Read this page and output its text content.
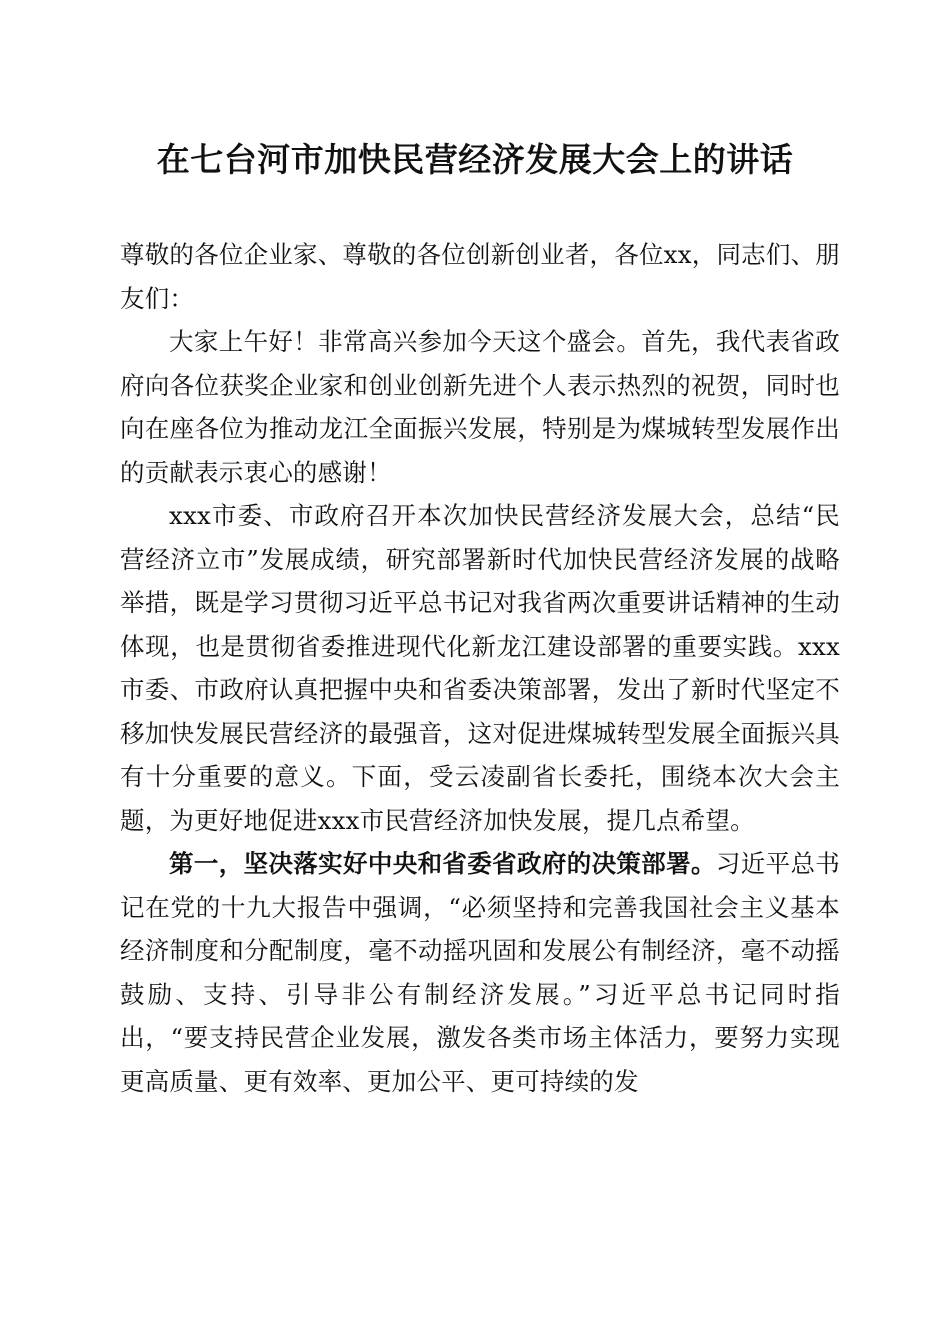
在七台河市加快民营经济发展大会上的讲话

尊敬的各位企业家、尊敬的各位创新创业者，各位xx，同志们、朋友们：

大家上午好！非常高兴参加今天这个盛会。首先，我代表省政府向各位获奖企业家和创业创新先进个人表示热烈的祝贺，同时也向在座各位为推动龙江全面振兴发展，特别是为煤城转型发展作出的贡献表示衷心的感谢！

xxx市委、市政府召开本次加快民营经济发展大会，总结“民营经济立市”发展成绩，研究部署新时代加快民营经济发展的战略举措，既是学习贯彻习近平总书记对我省两次重要讲话精神的生动体现，也是贯彻省委推进现代化新龙江建设部署的重要实践。xxx市委、市政府认真把握中央和省委决策部署，发出了新时代坚定不移加快发展民营经济的最强音，这对促进煤城转型发展全面振兴具有十分重要的意义。下面，受云凌副省长委托，围绕本次大会主题，为更好地促进xxx市民营经济加快发展，提几点希望。

第一，坚决落实好中央和省委省政府的决策部署。习近平总书记在党的十九大报告中强调，“必须坚持和完善我国社会主义基本经济制度和分配制度，毫不动摇巩固和发展公有制经济，毫不动摇鼓励、支持、引导非公有制经济发展。”习近平总书记同时指出，“要支持民营企业发展，激发各类市场主体活力，要努力实现更高质量、更有效率、更加公平、更可持续的发
